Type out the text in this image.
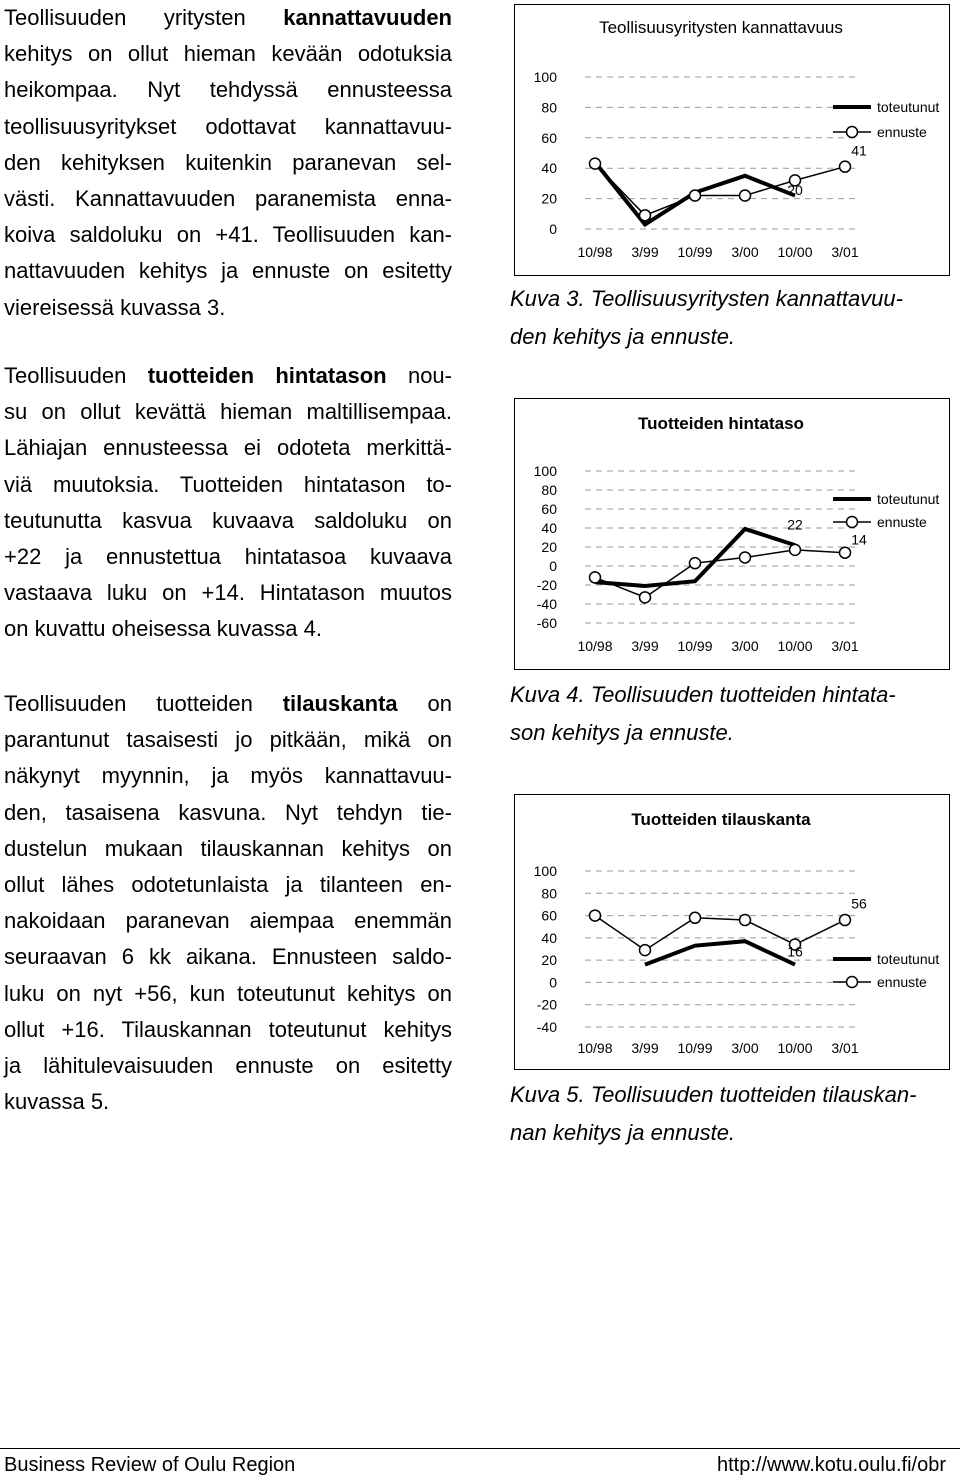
Teollisuuden yritysten kannattavuuden
kehitys on ollut hieman kevään odotuksia
heikompaa. Nyt tehdyssä ennusteessa
teollisuusyritykset odottavat kannattavuu-
den kehityksen kuitenkin paranevan sel-
västi. Kannattavuuden paranemista enna-
koiva saldoluku on +41. Teollisuuden kan-
nattavuuden kehitys ja ennuste on esitetty
viereisessä kuvassa 3.
Teollisuuden tuotteiden hintatason nou-
su on ollut kevättä hieman maltillisempaa.
Lähiajan ennusteessa ei odoteta merkittä-
viä muutoksia. Tuotteiden hintatason to-
teutunutta kasvua kuvaava saldoluku on
+22 ja ennustettua hintatasoa kuvaava
vastaava luku on +14. Hintatason muutos
on kuvattu oheisessa kuvassa 4.
Teollisuuden tuotteiden tilauskanta on
parantunut tasaisesti jo pitkään, mikä on
näkynyt myynnin, ja myös kannattavuu-
den, tasaisena kasvuna. Nyt tehdyn tie-
dustelun mukaan tilauskannan kehitys on
ollut lähes odotetunlaista ja tilanteen en-
nakoidaan paranevan aiempaa enemmän
seuraavan 6 kk aikana. Ennusteen saldo-
luku on nyt +56, kun toteutunut kehitys on
ollut +16. Tilauskannan toteutunut kehitys
ja lähitulevaisuuden ennuste on esitetty
kuvassa 5.
Teollisuusyritysten kannattavuus
100
80
60
40
20
0
10/98 3/99 10/99 3/00 10/00 3/01
20
41
toteutunut
ennuste
Kuva 3. Teollisuusyritysten kannattavuu-
den kehitys ja ennuste.
Tuotteiden hintataso
100
80
60
40
20
0
-20
-40
-60
10/98 3/99 10/99 3/00 10/00 3/01
22
14
toteutunut
ennuste
Kuva 4. Teollisuuden tuotteiden hintata-
son kehitys ja ennuste.
Tuotteiden tilauskanta
100
80
60
40
20
0
-20
-40
10/98 3/99 10/99 3/00 10/00 3/01
16
56
toteutunut
ennuste
Kuva 5. Teollisuuden tuotteiden tilauskan-
nan kehitys ja ennuste.
Business Review of Oulu Region	http://www.kotu.oulu.fi/obr
